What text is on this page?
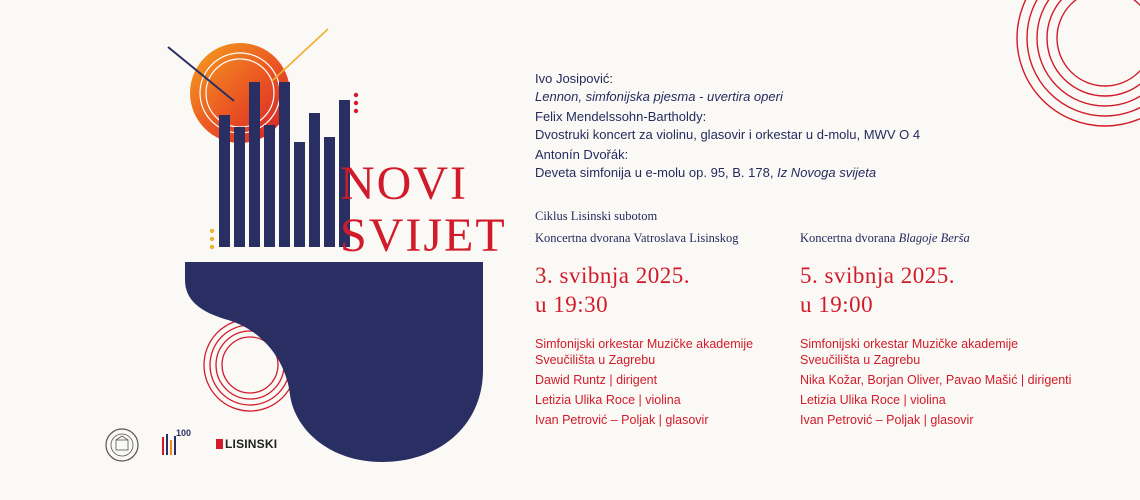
NOVI
SVIJET
Ivo Josipović:
Lennon, simfonijska pjesma - uvertira operi
Felix Mendelssohn-Bartholdy:
Dvostruki koncert za violinu, glasovir i orkestar u d-molu, MWV O 4
Antonín Dvořák:
Deveta simfonija u e-molu op. 95, B. 178, Iz Novoga svijeta
Ciklus Lisinski subotom
Koncertna dvorana Vatroslava Lisinskog
3. svibnja 2025.
u 19:30
Simfonijski orkestar Muzičke akademije
Sveučilišta u Zagrebu
Dawid Runtz | dirigent
Letizia Ulika Roce | violina
Ivan Petrović – Poljak | glasovir
Koncertna dvorana Blagoje Berša
5. svibnja 2025.
u 19:00
Simfonijski orkestar Muzičke akademije
Sveučilišta u Zagrebu
Nika Kožar, Borjan Oliver, Pavao Mašić | dirigenti
Letizia Ulika Roce | violina
Ivan Petrović – Poljak | glasovir
100
LISINSKI
